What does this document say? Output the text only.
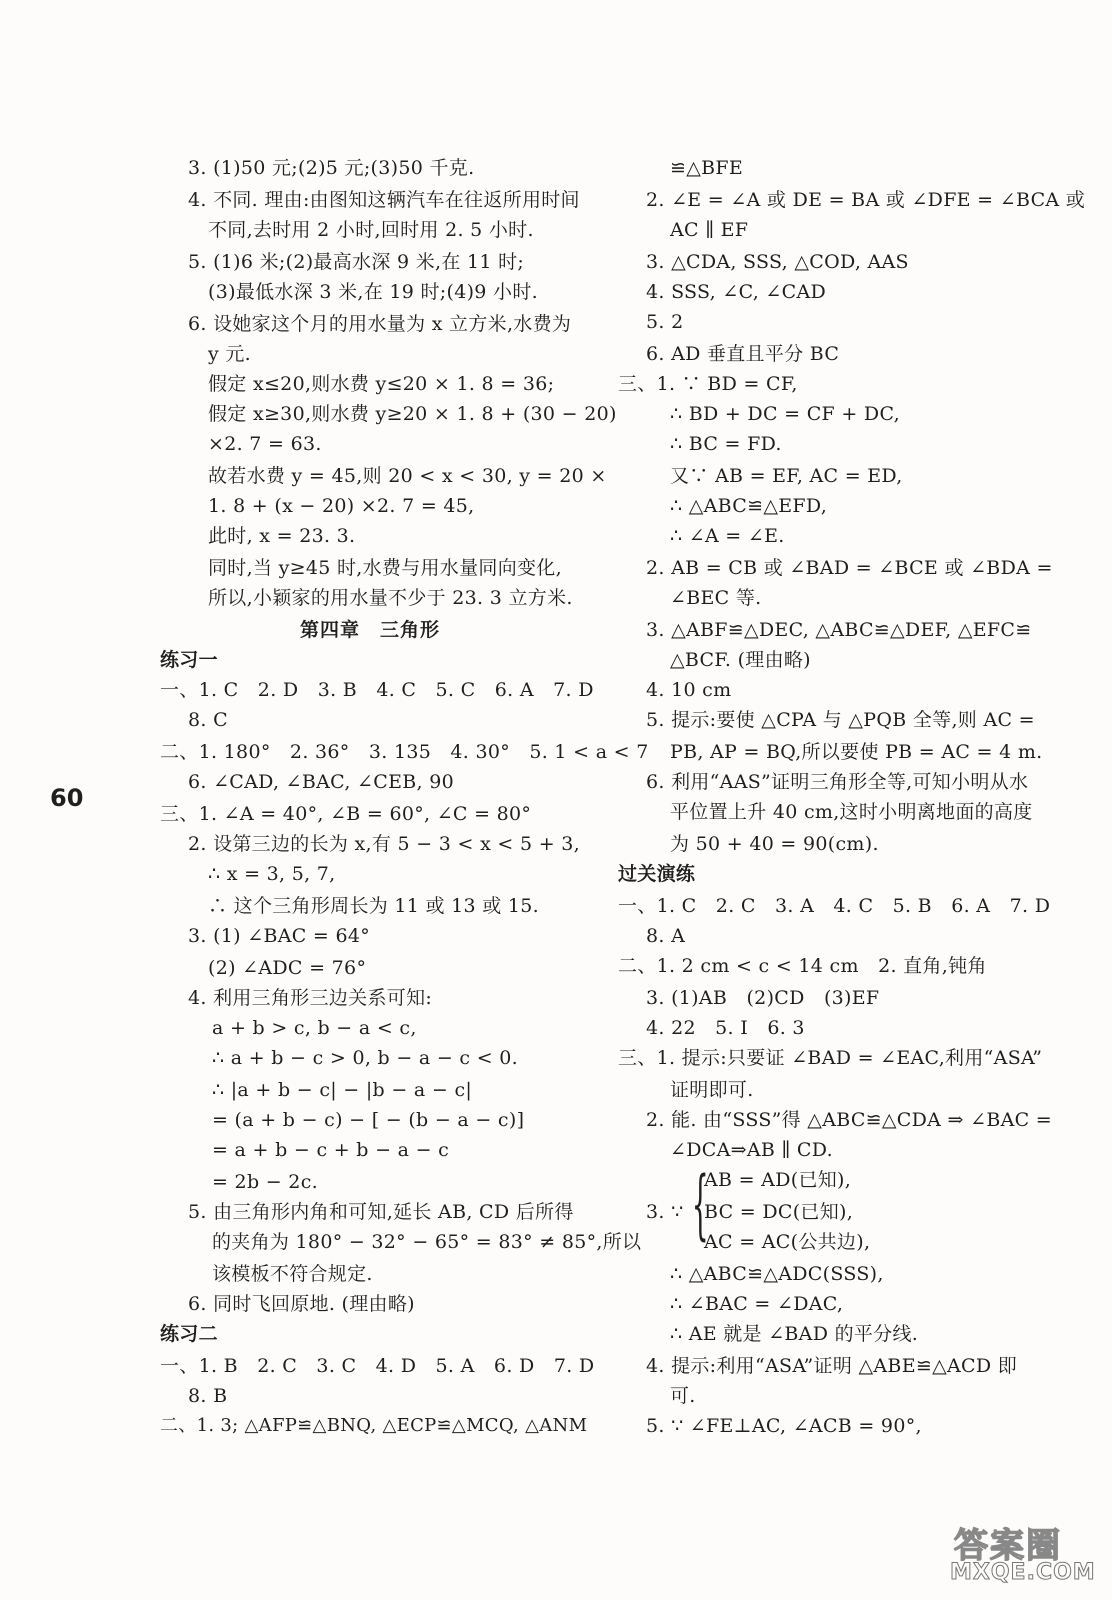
3. (1)50 元;(2)5 元;(3)50 千克.
4. 不同. 理由:由图知这辆汽车在往返所用时间
不同,去时用 2 小时,回时用 2. 5 小时.
5. (1)6 米;(2)最高水深 9 米,在 11 时;
(3)最低水深 3 米,在 19 时;(4)9 小时.
6. 设她家这个月的用水量为 x 立方米,水费为
y 元.
假定 x≤20,则水费 y≤20 × 1. 8 = 36;
假定 x≥30,则水费 y≥20 × 1. 8 + (30 − 20)
×2. 7 = 63.
故若水费 y = 45,则 20 < x < 30, y = 20 ×
1. 8 + (x − 20) ×2. 7 = 45,
此时, x = 23. 3.
同时,当 y≥45 时,水费与用水量同向变化,
所以,小颖家的用水量不少于 23. 3 立方米.
第四章　三角形
练习一
一、1. C　2. D　3. B　4. C　5. C　6. A　7. D
8. C
二、1. 180°　2. 36°　3. 135　4. 30°　5. 1 < a < 7
6. ∠CAD, ∠BAC, ∠CEB, 90
三、1. ∠A = 40°, ∠B = 60°, ∠C = 80°
2. 设第三边的长为 x,有 5 − 3 < x < 5 + 3,
∴ x = 3, 5, 7,
∴ 这个三角形周长为 11 或 13 或 15.
3. (1) ∠BAC = 64°
(2) ∠ADC = 76°
4. 利用三角形三边关系可知:
a + b > c, b − a < c,
∴ a + b − c > 0, b − a − c < 0.
∴ |a + b − c| − |b − a − c|
= (a + b − c) − [ − (b − a − c)]
= a + b − c + b − a − c
= 2b − 2c.
5. 由三角形内角和可知,延长 AB, CD 后所得
的夹角为 180° − 32° − 65° = 83° ≠ 85°,所以
该模板不符合规定.
6. 同时飞回原地. (理由略)
练习二
一、1. B　2. C　3. C　4. D　5. A　6. D　7. D
8. B
二、1. 3; △AFP≌△BNQ, △ECP≌△MCQ, △ANM
60
≌△BFE
2. ∠E = ∠A 或 DE = BA 或 ∠DFE = ∠BCA 或
AC ∥ EF
3. △CDA, SSS, △COD, AAS
4. SSS, ∠C, ∠CAD
5. 2
6. AD 垂直且平分 BC
三、1. ∵ BD = CF,
∴ BD + DC = CF + DC,
∴ BC = FD.
又∵ AB = EF, AC = ED,
∴ △ABC≌△EFD,
∴ ∠A = ∠E.
2. AB = CB 或 ∠BAD = ∠BCE 或 ∠BDA =
∠BEC 等.
3. △ABF≌△DEC, △ABC≌△DEF, △EFC≌
△BCF. (理由略)
4. 10 cm
5. 提示:要使 △CPA 与 △PQB 全等,则 AC =
PB, AP = BQ,所以要使 PB = AC = 4 m.
6. 利用“AAS”证明三角形全等,可知小明从水
平位置上升 40 cm,这时小明离地面的高度
为 50 + 40 = 90(cm).
过关演练
一、1. C　2. C　3. A　4. C　5. B　6. A　7. D
8. A
二、1. 2 cm < c < 14 cm　2. 直角,钝角
3. (1)AB　(2)CD　(3)EF
4. 22　5. Ⅰ　6. 3
三、1. 提示:只要证 ∠BAD = ∠EAC,利用“ASA”
证明即可.
2. 能. 由“SSS”得 △ABC≌△CDA ⇒ ∠BAC =
∠DCA⇒AB ∥ CD.
AB = AD(已知),
3. ∵ {
BC = DC(已知),
AC = AC(公共边),
∴ △ABC≌△ADC(SSS),
∴ ∠BAC = ∠DAC,
∴ AE 就是 ∠BAD 的平分线.
4. 提示:利用“ASA”证明 △ABE≌△ACD 即
可.
5. ∵ ∠FE⊥AC, ∠ACB = 90°,
答案圈
MXQE.COM
